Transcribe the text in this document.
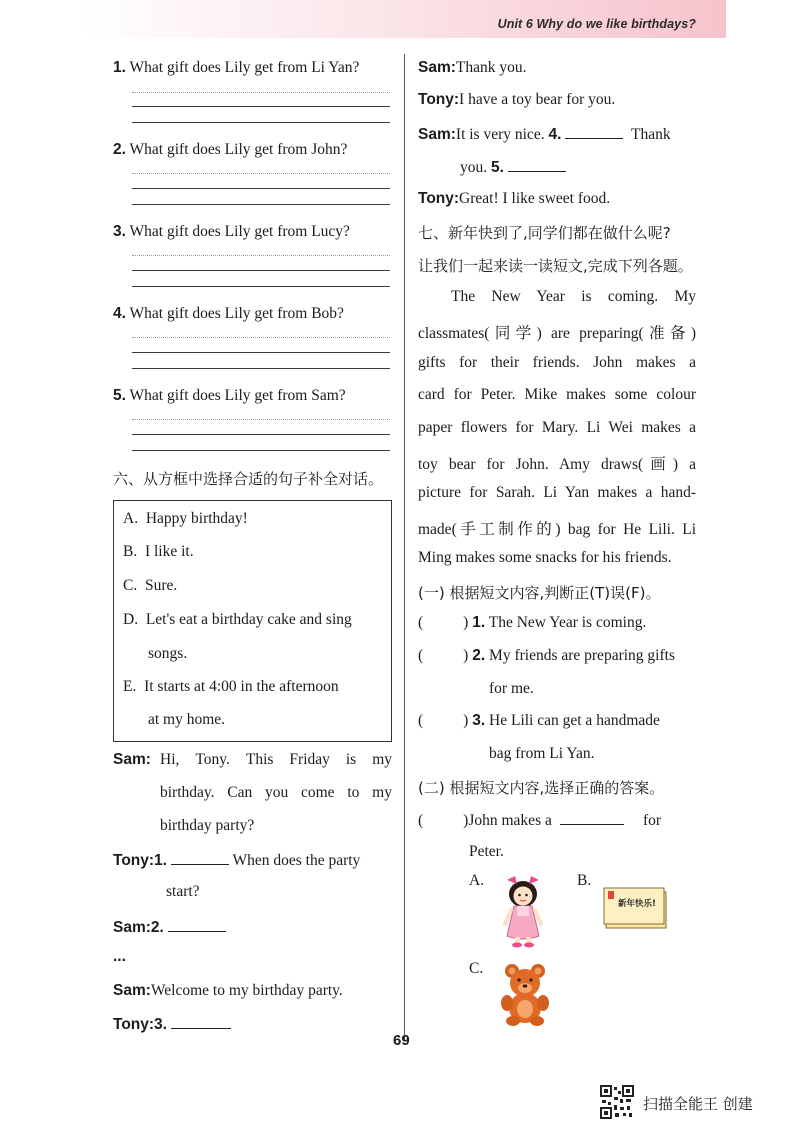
Unit 6 Why do we like birthdays?
1. What gift does Lily get from Li Yan?
2. What gift does Lily get from John?
3. What gift does Lily get from Lucy?
4. What gift does Lily get from Bob?
5. What gift does Lily get from Sam?
六、从方框中选择合适的句子补全对话。
A. Happy birthday!
B. I like it.
C. Sure.
D. Let's eat a birthday cake and sing
songs.
E. It starts at 4:00 in the afternoon
at my home.
Sam: Hi, Tony. This Friday is my
birthday. Can you come to my
birthday party?
Tony:1.	When does the party
start?
Sam:2.
...
Sam:Welcome to my birthday party.
Tony:3.
Sam:Thank you.
Tony:I have a toy bear for you.
Sam:It is very nice. 4.	Thank
you. 5.
Tony:Great! I like sweet food.
七、新年快到了,同学们都在做什么呢?
让我们一起来读一读短文,完成下列各题。
The New Year is coming. My
classmates(同学) are preparing(准备)
gifts for their friends. John makes a
card for Peter. Mike makes some colour
paper flowers for Mary. Li Wei makes a
toy bear for John. Amy draws(画) a
picture for Sarah. Li Yan makes a hand-
made(手工制作的) bag for He Lili. Li
Ming makes some snacks for his friends.
(一) 根据短文内容,判断正(T)误(F)。
(	) 1. The New Year is coming.
(	) 2. My friends are preparing gifts
for me.
(	) 3. He Lili can get a handmade
bag from Li Yan.
(二) 根据短文内容,选择正确的答案。
(	)John makes a	for
Peter.
A.	B.
C.
新年快乐!
69
扫描全能王 创建
